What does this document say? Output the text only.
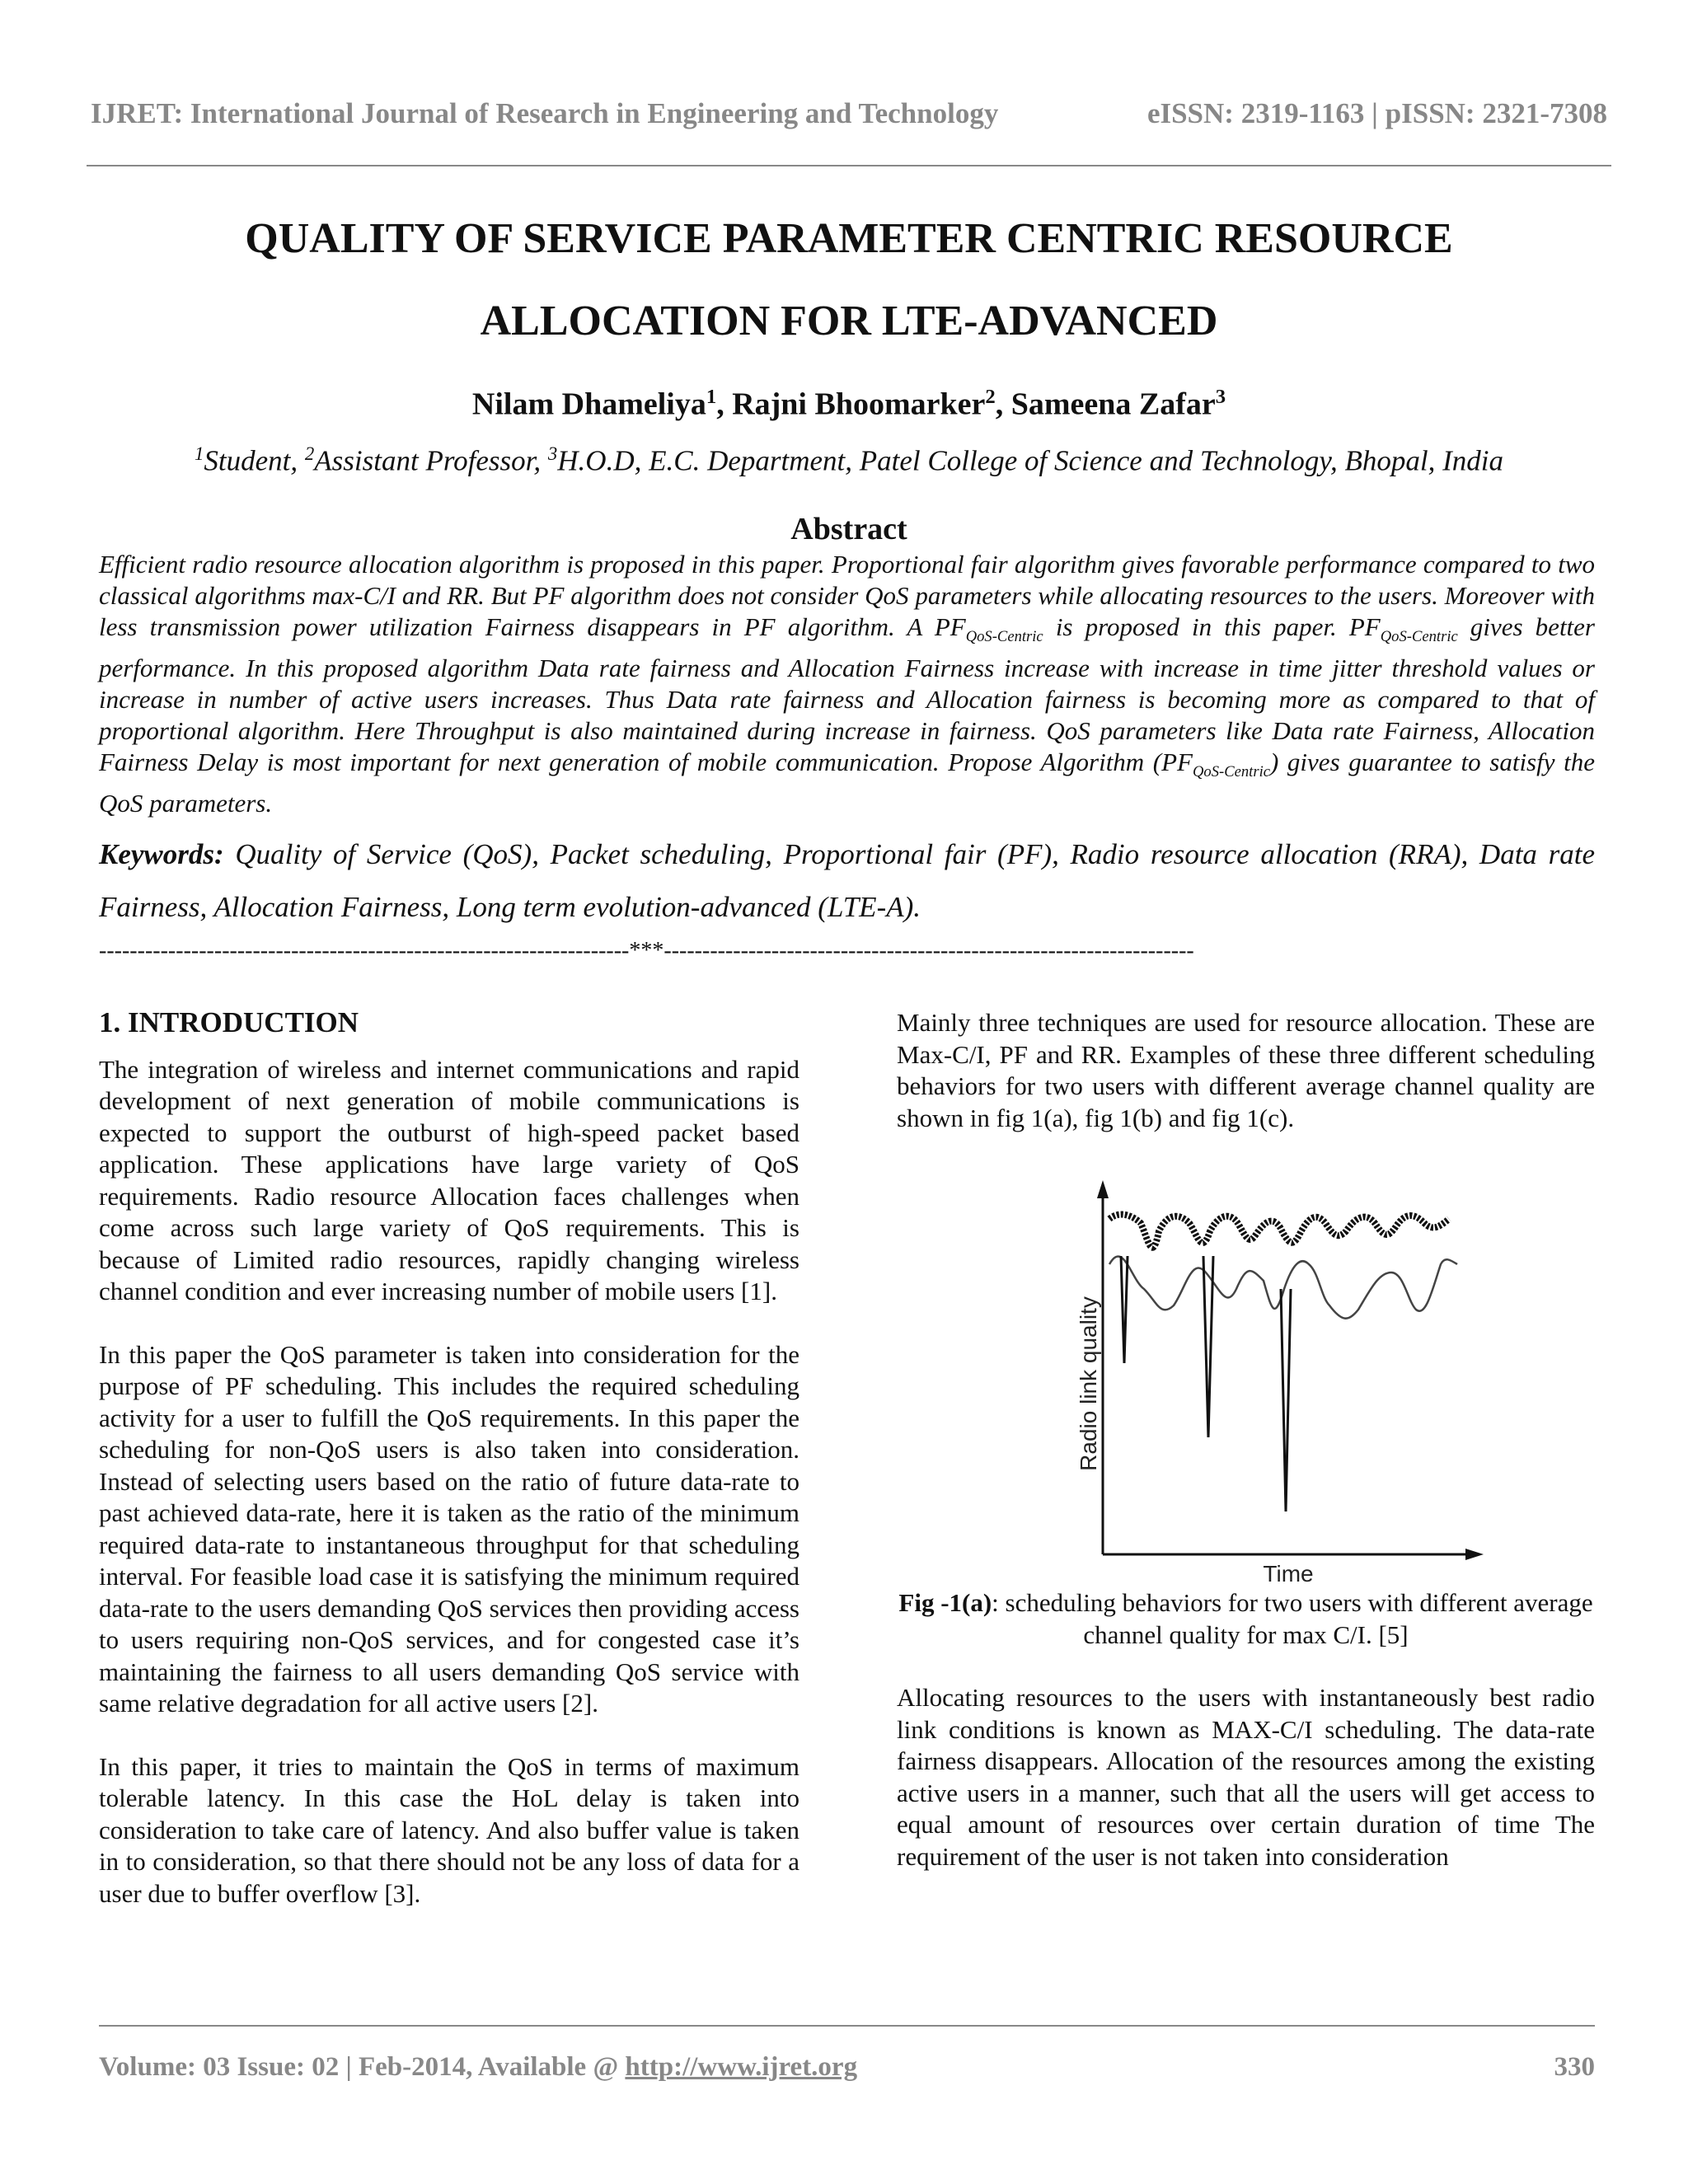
IJRET: International Journal of Research in Engineering and Technology	eISSN: 2319-1163 | pISSN: 2321-7308
QUALITY OF SERVICE PARAMETER CENTRIC RESOURCE
ALLOCATION FOR LTE-ADVANCED
Nilam Dhameliya$^1$, Rajni Bhoomarker$^2$, Sameena Zafar$^3$
$^1$Student, $^2$Assistant Professor, $^3$H.O.D, E.C. Department, Patel College of Science and Technology, Bhopal, India
Abstract

Efficient radio resource allocation algorithm is proposed in this paper. Proportional fair algorithm gives favorable performance compared to two classical algorithms max-C/I and RR. But PF algorithm does not consider QoS parameters while allocating resources to the users. Moreover with less transmission power utilization Fairness disappears in PF algorithm. A $PF_{QoS-Centric}$ is proposed in this paper. $PF_{QoS-Centric}$ gives better performance. In this proposed algorithm Data rate fairness and Allocation Fairness increase with increase in time jitter threshold values or increase in number of active users increases. Thus Data rate fairness and Allocation fairness is becoming more as compared to that of proportional algorithm. Here Throughput is also maintained during increase in fairness. QoS parameters like Data rate Fairness, Allocation Fairness Delay is most important for next generation of mobile communication. Propose Algorithm $(PF_{QoS-Centric})$ gives guarantee to satisfy the QoS parameters.

Keywords: Quality of Service (QoS), Packet scheduling, Proportional fair (PF), Radio resource allocation (RRA), Data rate Fairness, Allocation Fairness, Long term evolution-advanced (LTE-A).

---------------------------------------------------------------------***---------------------------------------------------------------------
1. INTRODUCTION

The integration of wireless and internet communications and rapid development of next generation of mobile communications is expected to support the outburst of high-speed packet based application. These applications have large variety of QoS requirements. Radio resource Allocation faces challenges when come across such large variety of QoS requirements. This is because of Limited radio resources, rapidly changing wireless channel condition and ever increasing number of mobile users [1].

In this paper the QoS parameter is taken into consideration for the purpose of PF scheduling. This includes the required scheduling activity for a user to fulfill the QoS requirements. In this paper the scheduling for non-QoS users is also taken into consideration. Instead of selecting users based on the ratio of future data-rate to past achieved data-rate, here it is taken as the ratio of the minimum required data-rate to instantaneous throughput for that scheduling interval. For feasible load case it is satisfying the minimum required data-rate to the users demanding QoS services then providing access to users requiring non-QoS services, and for congested case it’s maintaining the fairness to all users demanding QoS service with same relative degradation for all active users [2].

In this paper, it tries to maintain the QoS in terms of maximum tolerable latency. In this case the HoL delay is taken into consideration to take care of latency. And also buffer value is taken in to consideration, so that there should not be any loss of data for a user due to buffer overflow [3].

Mainly three techniques are used for resource allocation. These are Max-C/I, PF and RR. Examples of these three different scheduling behaviors for two users with different average channel quality are shown in fig 1(a), fig 1(b) and fig 1(c).

Radio link quality
Time
Fig -1(a): scheduling behaviors for two users with different average channel quality for max C/I. [5]

Allocating resources to the users with instantaneously best radio link conditions is known as MAX-C/I scheduling. The data-rate fairness disappears. Allocation of the resources among the existing active users in a manner, such that all the users will get access to equal amount of resources over certain duration of time The requirement of the user is not taken into consideration

Volume: 03 Issue: 02 | Feb-2014, Available @ http://www.ijret.org	330
